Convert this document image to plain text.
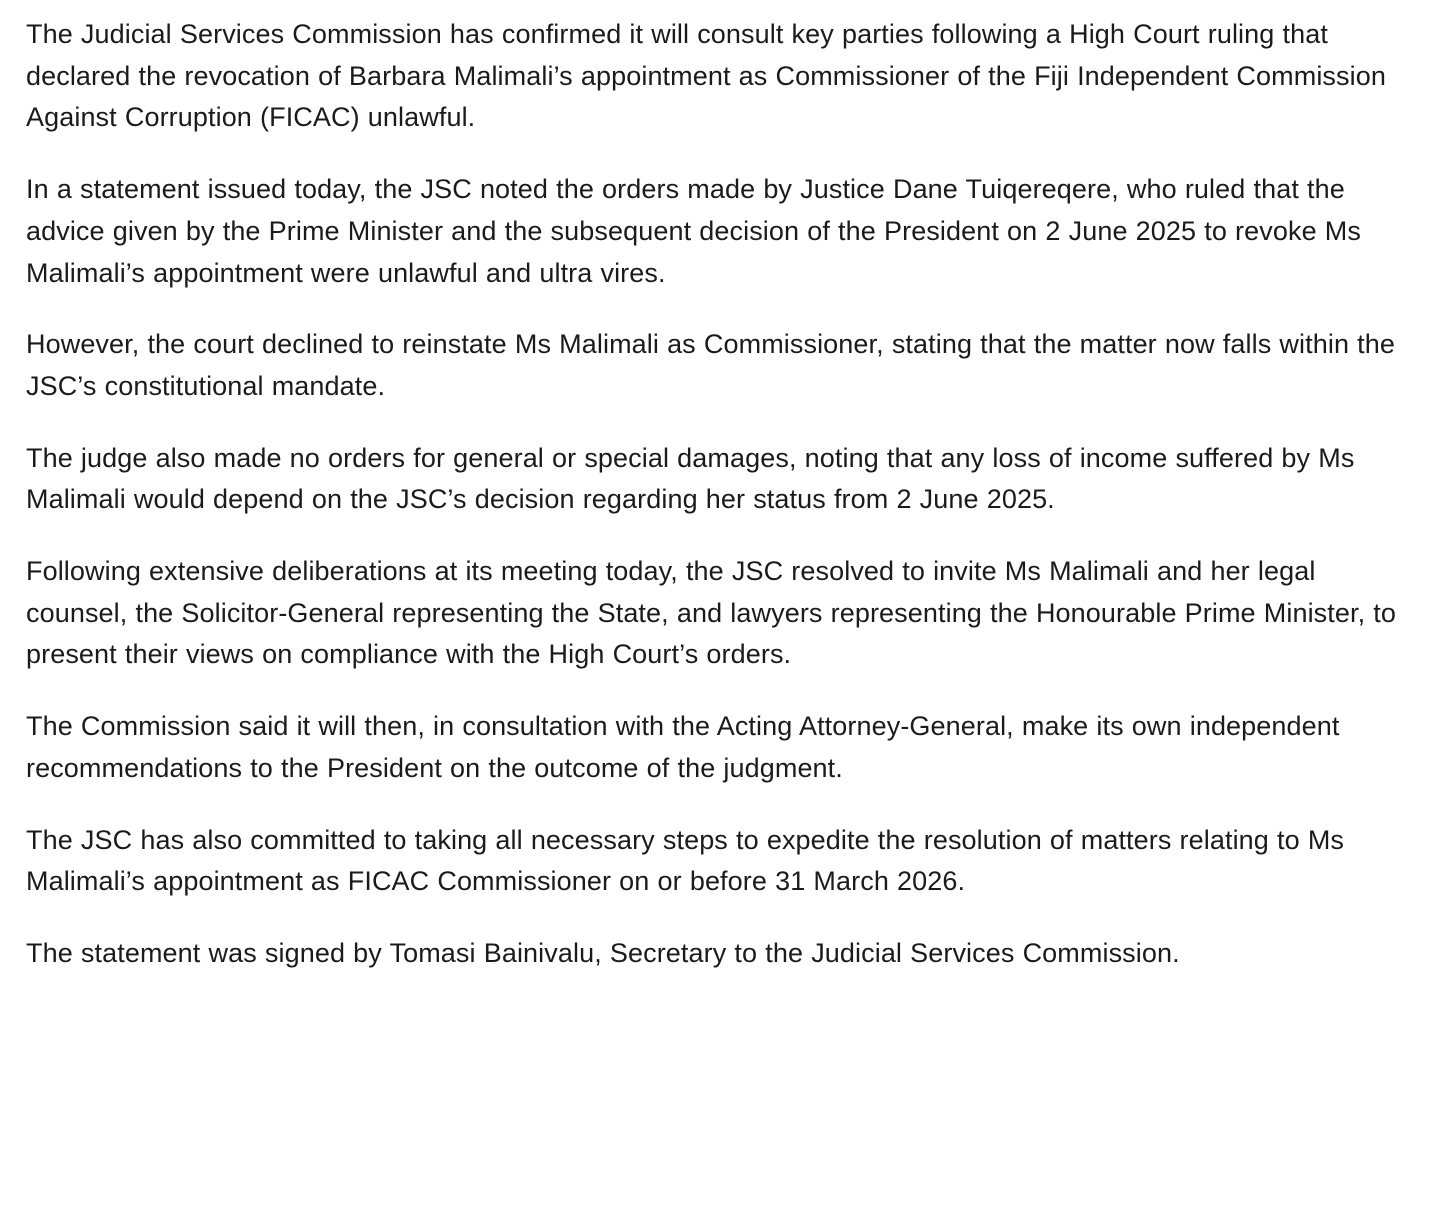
The Judicial Services Commission has confirmed it will consult key parties following a High Court ruling that declared the revocation of Barbara Malimali’s appointment as Commissioner of the Fiji Independent Commission Against Corruption (FICAC) unlawful.

In a statement issued today, the JSC noted the orders made by Justice Dane Tuiqereqere, who ruled that the advice given by the Prime Minister and the subsequent decision of the President on 2 June 2025 to revoke Ms Malimali’s appointment were unlawful and ultra vires.

However, the court declined to reinstate Ms Malimali as Commissioner, stating that the matter now falls within the JSC’s constitutional mandate.

The judge also made no orders for general or special damages, noting that any loss of income suffered by Ms Malimali would depend on the JSC’s decision regarding her status from 2 June 2025.

Following extensive deliberations at its meeting today, the JSC resolved to invite Ms Malimali and her legal counsel, the Solicitor-General representing the State, and lawyers representing the Honourable Prime Minister, to present their views on compliance with the High Court’s orders.

The Commission said it will then, in consultation with the Acting Attorney-General, make its own independent recommendations to the President on the outcome of the judgment.

The JSC has also committed to taking all necessary steps to expedite the resolution of matters relating to Ms Malimali’s appointment as FICAC Commissioner on or before 31 March 2026.

The statement was signed by Tomasi Bainivalu, Secretary to the Judicial Services Commission.
